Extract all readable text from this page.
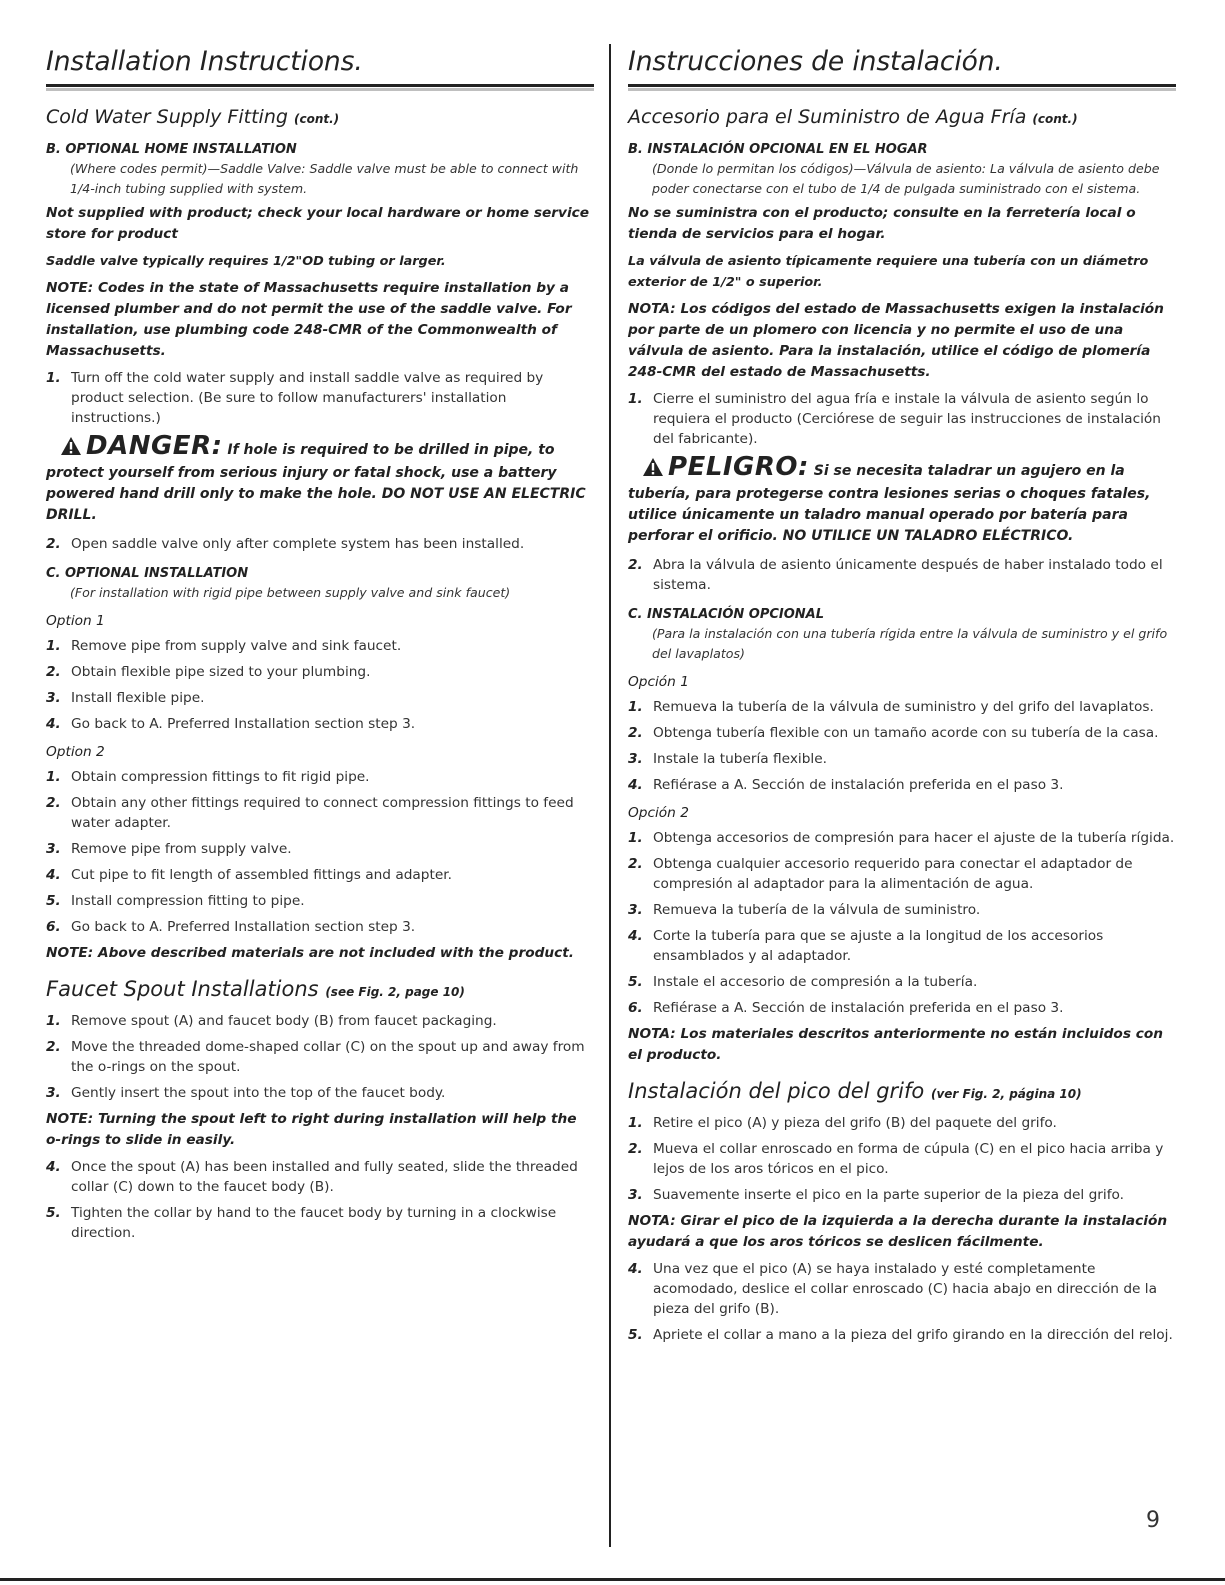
Installation Instructions.
Cold Water Supply Fitting (cont.)
B. OPTIONAL HOME INSTALLATION
(Where codes permit)—Saddle Valve: Saddle valve must be able to connect with 1/4-inch tubing supplied with system.
Not supplied with product; check your local hardware or home service store for product
Saddle valve typically requires 1/2"OD tubing or larger.
NOTE: Codes in the state of Massachusetts require installation by a licensed plumber and do not permit the use of the saddle valve. For installation, use plumbing code 248-CMR of the Commonwealth of Massachusetts.
1. Turn off the cold water supply and install saddle valve as required by product selection. (Be sure to follow manufacturers' installation instructions.)
DANGER: If hole is required to be drilled in pipe, to protect yourself from serious injury or fatal shock, use a battery powered hand drill only to make the hole. DO NOT USE AN ELECTRIC DRILL.
2. Open saddle valve only after complete system has been installed.
C. OPTIONAL INSTALLATION
(For installation with rigid pipe between supply valve and sink faucet)
Option 1
1. Remove pipe from supply valve and sink faucet.
2. Obtain flexible pipe sized to your plumbing.
3. Install flexible pipe.
4. Go back to A. Preferred Installation section step 3.
Option 2
1. Obtain compression fittings to fit rigid pipe.
2. Obtain any other fittings required to connect compression fittings to feed water adapter.
3. Remove pipe from supply valve.
4. Cut pipe to fit length of assembled fittings and adapter.
5. Install compression fitting to pipe.
6. Go back to A. Preferred Installation section step 3.
NOTE: Above described materials are not included with the product.
Faucet Spout Installations (see Fig. 2, page 10)
1. Remove spout (A) and faucet body (B) from faucet packaging.
2. Move the threaded dome-shaped collar (C) on the spout up and away from the o-rings on the spout.
3. Gently insert the spout into the top of the faucet body.
NOTE: Turning the spout left to right during installation will help the o-rings to slide in easily.
4. Once the spout (A) has been installed and fully seated, slide the threaded collar (C) down to the faucet body (B).
5. Tighten the collar by hand to the faucet body by turning in a clockwise direction.
Instrucciones de instalación.
Accesorio para el Suministro de Agua Fría (cont.)
B. INSTALACIÓN OPCIONAL EN EL HOGAR
(Donde lo permitan los códigos)—Válvula de asiento: La válvula de asiento debe poder conectarse con el tubo de 1/4 de pulgada suministrado con el sistema.
No se suministra con el producto; consulte en la ferretería local o tienda de servicios para el hogar.
La válvula de asiento típicamente requiere una tubería con un diámetro exterior de 1/2" o superior.
NOTA: Los códigos del estado de Massachusetts exigen la instalación por parte de un plomero con licencia y no permite el uso de una válvula de asiento. Para la instalación, utilice el código de plomería 248-CMR del estado de Massachusetts.
1. Cierre el suministro del agua fría e instale la válvula de asiento según lo requiera el producto (Cerciórese de seguir las instrucciones de instalación del fabricante).
PELIGRO: Si se necesita taladrar un agujero en la tubería, para protegerse contra lesiones serias o choques fatales, utilice únicamente un taladro manual operado por batería para perforar el orificio. NO UTILICE UN TALADRO ELÉCTRICO.
2. Abra la válvula de asiento únicamente después de haber instalado todo el sistema.
C. INSTALACIÓN OPCIONAL
(Para la instalación con una tubería rígida entre la válvula de suministro y el grifo del lavaplatos)
Opción 1
1. Remueva la tubería de la válvula de suministro y del grifo del lavaplatos.
2. Obtenga tubería flexible con un tamaño acorde con su tubería de la casa.
3. Instale la tubería flexible.
4. Refiérase a A. Sección de instalación preferida en el paso 3.
Opción 2
1. Obtenga accesorios de compresión para hacer el ajuste de la tubería rígida.
2. Obtenga cualquier accesorio requerido para conectar el adaptador de compresión al adaptador para la alimentación de agua.
3. Remueva la tubería de la válvula de suministro.
4. Corte la tubería para que se ajuste a la longitud de los accesorios ensamblados y al adaptador.
5. Instale el accesorio de compresión a la tubería.
6. Refiérase a A. Sección de instalación preferida en el paso 3.
NOTA: Los materiales descritos anteriormente no están incluidos con el producto.
Instalación del pico del grifo (ver Fig. 2, página 10)
1. Retire el pico (A) y pieza del grifo (B) del paquete del grifo.
2. Mueva el collar enroscado en forma de cúpula (C) en el pico hacia arriba y lejos de los aros tóricos en el pico.
3. Suavemente inserte el pico en la parte superior de la pieza del grifo.
NOTA: Girar el pico de la izquierda a la derecha durante la instalación ayudará a que los aros tóricos se deslicen fácilmente.
4. Una vez que el pico (A) se haya instalado y esté completamente acomodado, deslice el collar enroscado (C) hacia abajo en dirección de la pieza del grifo (B).
5. Apriete el collar a mano a la pieza del grifo girando en la dirección del reloj.
9
